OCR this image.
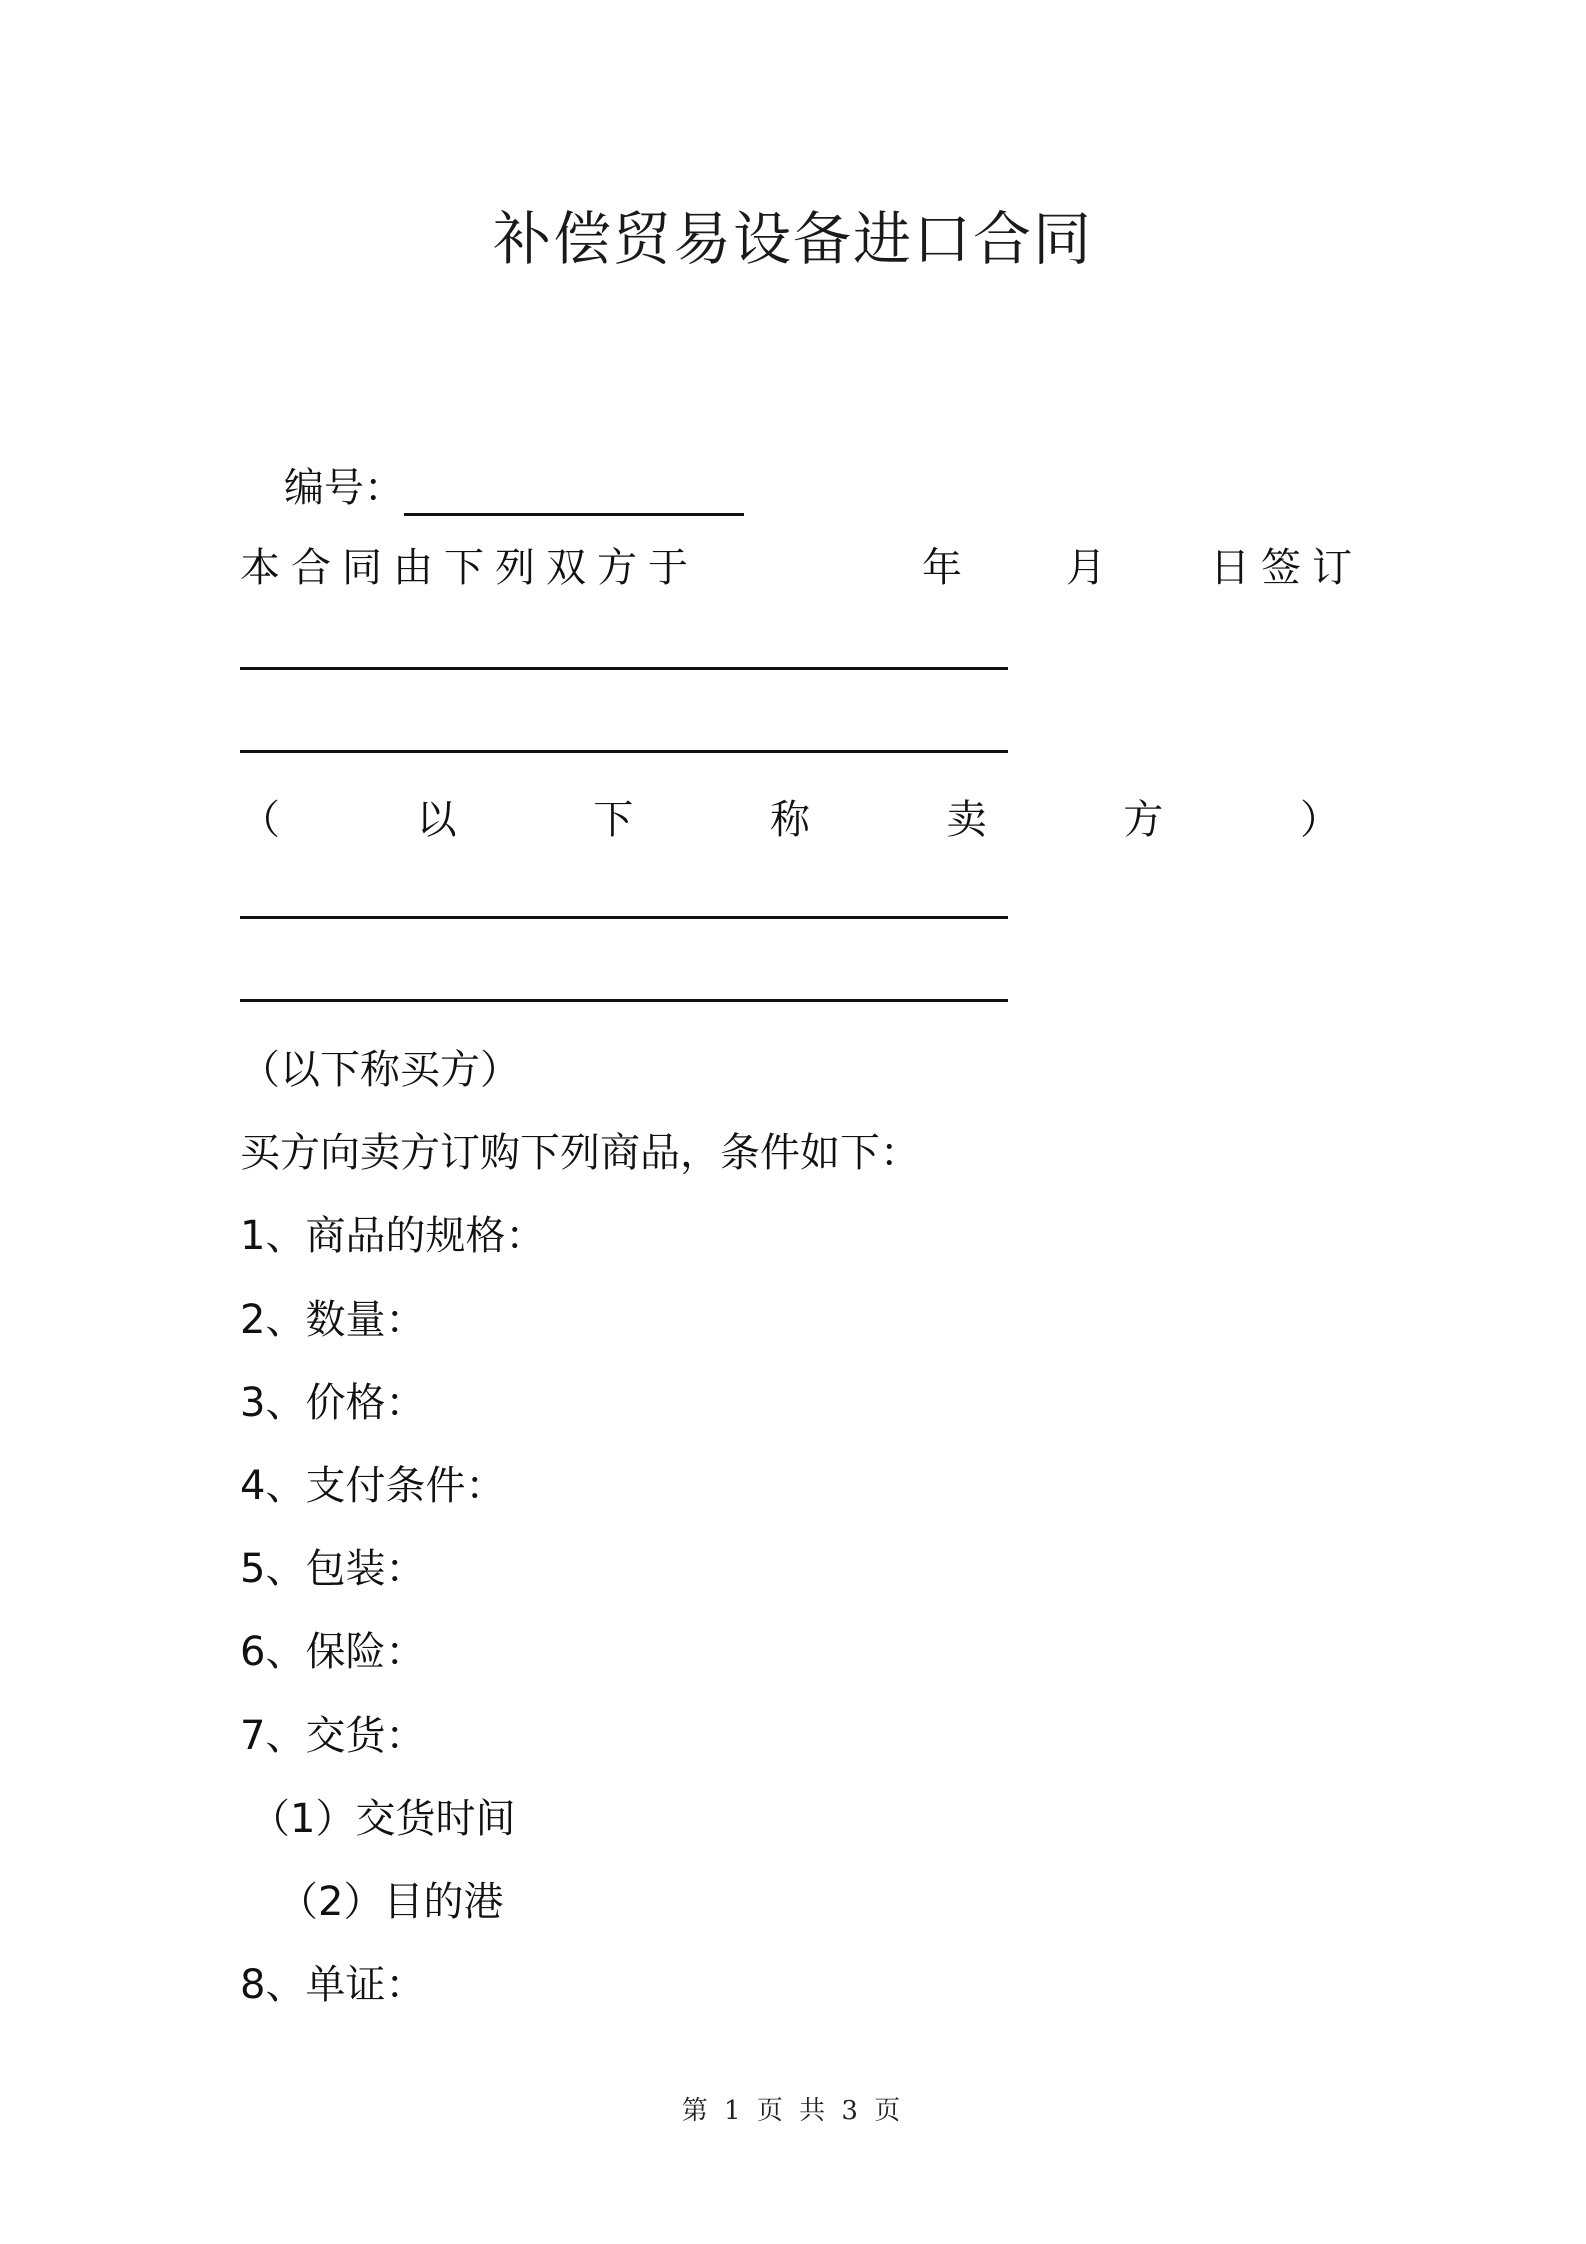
补偿贸易设备进口合同
编号：
本合同由下列双方于	年	月	日签订
（	以	下	称	卖	方	）
（以下称买方）
买方向卖方订购下列商品，条件如下：
1、商品的规格：
2、数量：
3、价格：
4、支付条件：
5、包装：
6、保险：
7、交货：
（1）交货时间
（2）目的港
8、单证：
第 1 页 共 3 页
